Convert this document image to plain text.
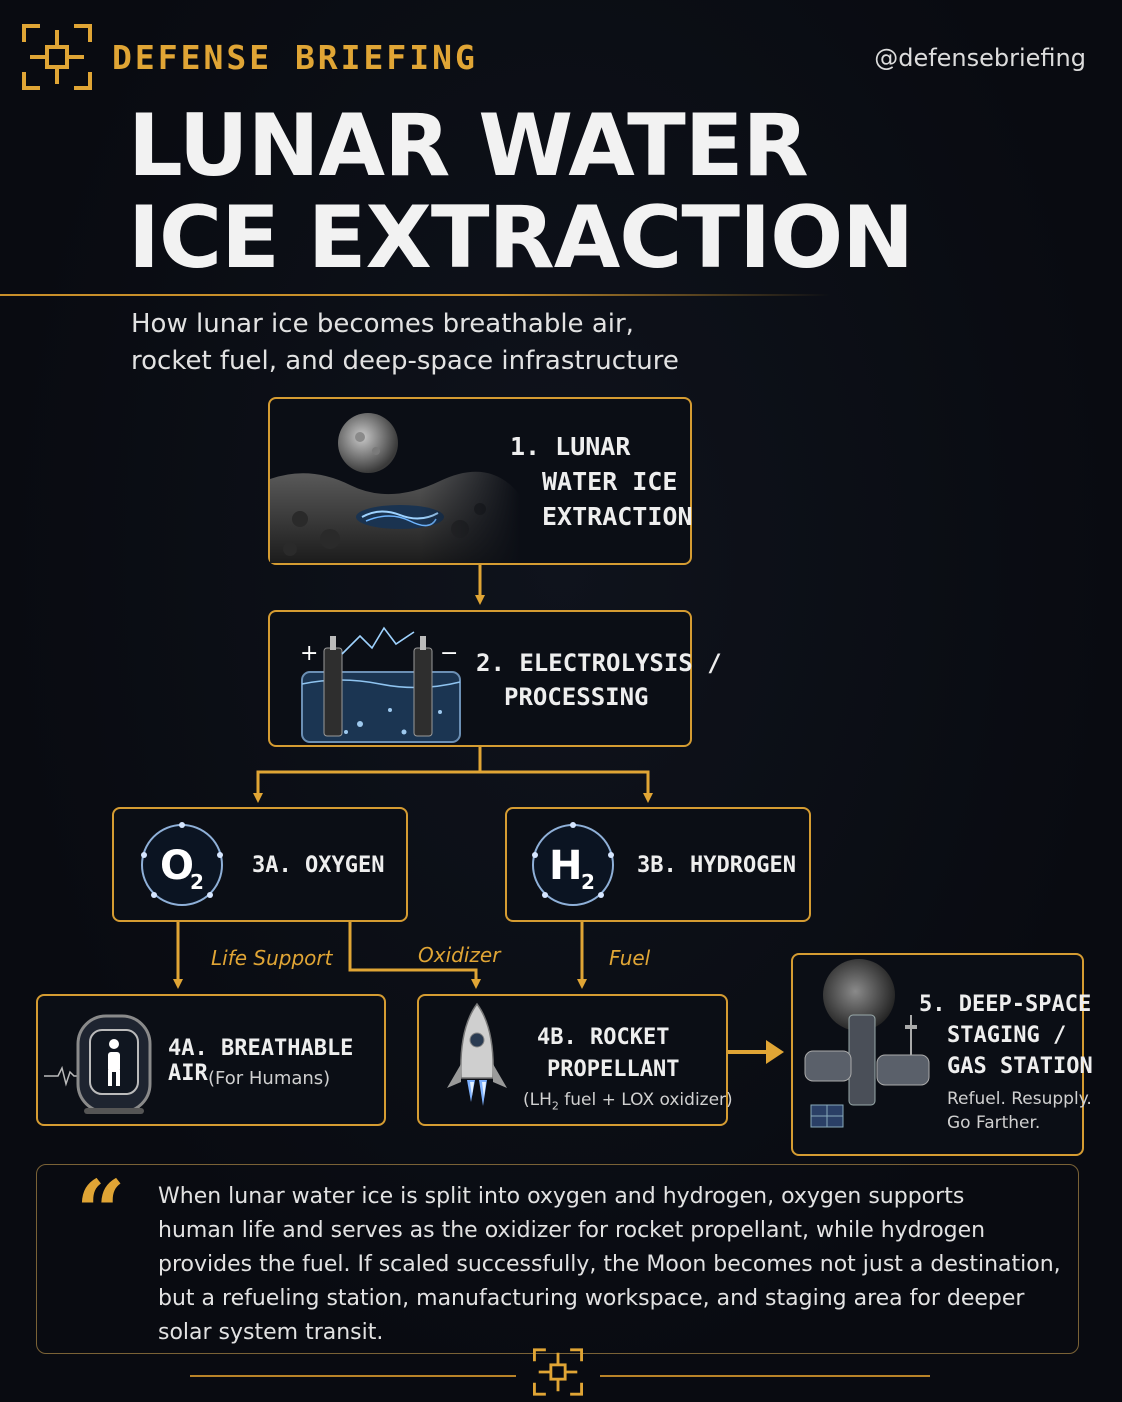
DEFENSE BRIEFING	@defensebriefing
LUNAR WATER
ICE EXTRACTION
How lunar ice becomes breathable air,
rocket fuel, and deep-space infrastructure
1. LUNAR
WATER ICE
EXTRACTION
+	− 2. ELECTROLYSIS /
PROCESSING
O
2
3A. OXYGEN	H
2
3B. HYDROGEN
Life Support	Oxidizer	Fuel
4A. BREATHABLE AIR (For Humans)
4B. ROCKET
PROPELLANT
($LH_2$ fuel + LOX oxidizer)
5. DEEP-SPACE
STAGING /
GAS STATION
Refuel. Resupply.
Go Farther.
“ When lunar water ice is split into oxygen and hydrogen, oxygen supports
human life and serves as the oxidizer for rocket propellant, while hydrogen
provides the fuel. If scaled successfully, the Moon becomes not just a destination,
but a refueling station, manufacturing workspace, and staging area for deeper
solar system transit.
